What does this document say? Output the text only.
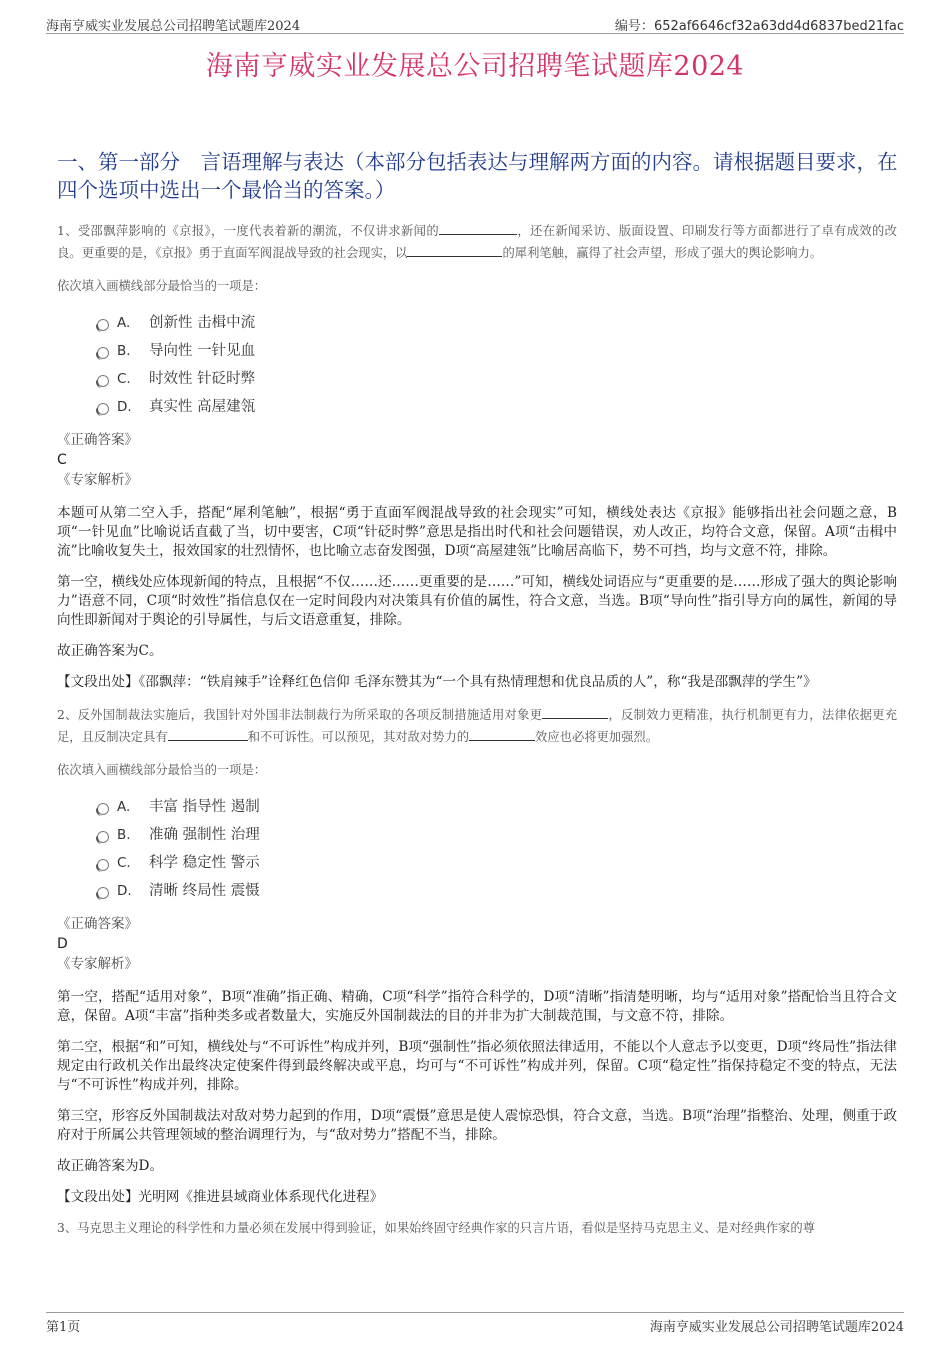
海南亨威实业发展总公司招聘笔试题库2024	编号：652af6646cf32a63dd4d6837bed21fac
海南亨威实业发展总公司招聘笔试题库2024
一、第一部分　言语理解与表达（本部分包括表达与理解两方面的内容。请根据题目要求，在四个选项中选出一个最恰当的答案。）
1、受邵飘萍影响的《京报》，一度代表着新的潮流，不仅讲求新闻的	，还在新闻采访、版面设置、印刷发行等方面都进行了卓有成效的改良。更重要的是，《京报》勇于直面军阀混战导致的社会现实，以	的犀利笔触，赢得了社会声望，形成了强大的舆论影响力。
依次填入画横线部分最恰当的一项是：
A. 创新性 击楫中流
B. 导向性 一针见血
C. 时效性 针砭时弊
D. 真实性 高屋建瓴
《正确答案》
C
《专家解析》
本题可从第二空入手，搭配“犀利笔触”，根据“勇于直面军阀混战导致的社会现实”可知，横线处表达《京报》能够指出社会问题之意，B项“一针见血”比喻说话直截了当，切中要害，C项“针砭时弊”意思是指出时代和社会问题错误，劝人改正，均符合文意，保留。A项“击楫中流”比喻收复失土，报效国家的壮烈情怀，也比喻立志奋发图强，D项“高屋建瓴”比喻居高临下，势不可挡，均与文意不符，排除。
第一空，横线处应体现新闻的特点，且根据“不仅……还……更重要的是……”可知，横线处词语应与“更重要的是……形成了强大的舆论影响力”语意不同，C项“时效性”指信息仅在一定时间段内对决策具有价值的属性，符合文意，当选。B项“导向性”指引导方向的属性，新闻的导向性即新闻对于舆论的引导属性，与后文语意重复，排除。
故正确答案为C。
【文段出处】《邵飘萍：“铁肩辣手”诠释红色信仰 毛泽东赞其为“一个具有热情理想和优良品质的人”，称“我是邵飘萍的学生”》
2、反外国制裁法实施后，我国针对外国非法制裁行为所采取的各项反制措施适用对象更	，反制效力更精准，执行机制更有力，法律依据更充足，且反制决定具有	和不可诉性。可以预见，其对敌对势力的	效应也必将更加强烈。
依次填入画横线部分最恰当的一项是：
A. 丰富 指导性 遏制
B. 准确 强制性 治理
C. 科学 稳定性 警示
D. 清晰 终局性 震慑
《正确答案》
D
《专家解析》
第一空，搭配“适用对象”，B项“准确”指正确、精确，C项“科学”指符合科学的，D项“清晰”指清楚明晰，均与“适用对象”搭配恰当且符合文意，保留。A项“丰富”指种类多或者数量大，实施反外国制裁法的目的并非为扩大制裁范围，与文意不符，排除。
第二空，根据“和”可知，横线处与“不可诉性”构成并列，B项“强制性”指必须依照法律适用，不能以个人意志予以变更，D项“终局性”指法律规定由行政机关作出最终决定使案件得到最终解决或平息，均可与“不可诉性”构成并列，保留。C项“稳定性”指保持稳定不变的特点，无法与“不可诉性”构成并列，排除。
第三空，形容反外国制裁法对敌对势力起到的作用，D项“震慑”意思是使人震惊恐惧，符合文意，当选。B项“治理”指整治、处理，侧重于政府对于所属公共管理领域的整治调理行为，与“敌对势力”搭配不当，排除。
故正确答案为D。
【文段出处】光明网《推进县域商业体系现代化进程》
3、马克思主义理论的科学性和力量必须在发展中得到验证，如果始终固守经典作家的只言片语，看似是坚持马克思主义、是对经典作家的尊
第1页	海南亨威实业发展总公司招聘笔试题库2024
